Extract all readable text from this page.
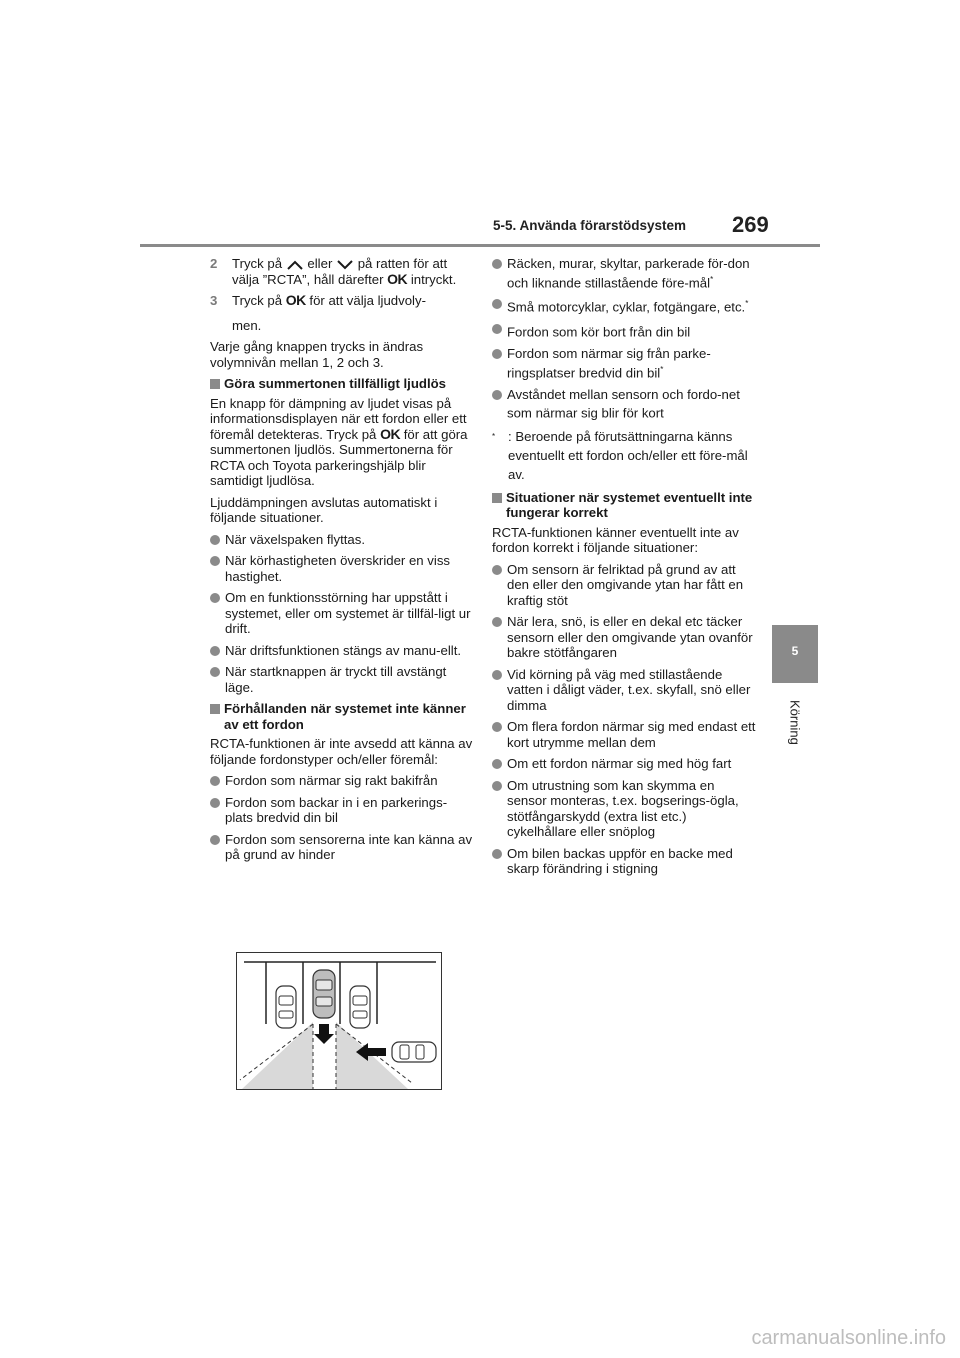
5-5. Använda förarstödsystem 269
5
Körning
2 Tryck på eller på ratten för att välja ”RCTA”, håll därefter OK intryckt.
3 Tryck på OK för att välja ljudvoly-
men.

Varje gång knappen trycks in ändras volymnivån mellan 1, 2 och 3.

Göra summertonen tillfälligt ljudlös

En knapp för dämpning av ljudet visas på informationsdisplayen när ett fordon eller ett föremål detekteras. Tryck på OK för att göra summertonen ljudlös. Summertonerna för RCTA och Toyota parkeringshjälp blir samtidigt ljudlösa.

Ljuddämpningen avslutas automatiskt i följande situationer.

När växelspaken flyttas.
När körhastigheten överskrider en viss hastighet.
Om en funktionsstörning har uppstått i systemet, eller om systemet är tillfäl-ligt ur drift.
När driftsfunktionen stängs av manu-ellt.
När startknappen är tryckt till avstängt läge.
Förhållanden när systemet inte känner av ett fordon

RCTA-funktionen är inte avsedd att känna av följande fordonstyper och/eller föremål:

Fordon som närmar sig rakt bakifrån
Fordon som backar in i en parkerings-plats bredvid din bil
Fordon som sensorerna inte kan känna av på grund av hinder
Räcken, murar, skyltar, parkerade för-don och liknande stillastående före-mål*
Små motorcyklar, cyklar, fotgängare, etc.*
Fordon som kör bort från din bil
Fordon som närmar sig från parke-ringsplatser bredvid din bil*
Avståndet mellan sensorn och fordo-net som närmar sig blir för kort
* : Beroende på förutsättningarna känns eventuellt ett fordon och/eller ett före-mål av.
Situationer när systemet eventuellt inte fungerar korrekt

RCTA-funktionen känner eventuellt inte av fordon korrekt i följande situationer:

Om sensorn är felriktad på grund av att den eller den omgivande ytan har fått en kraftig stöt
När lera, snö, is eller en dekal etc täcker sensorn eller den omgivande ytan ovanför bakre stötfångaren
Vid körning på väg med stillastående vatten i dåligt väder, t.ex. skyfall, snö eller dimma
Om flera fordon närmar sig med endast ett kort utrymme mellan dem
Om ett fordon närmar sig med hög fart
Om utrustning som kan skymma en sensor monteras, t.ex. bogserings-ögla, stötfångarskydd (extra list etc.) cykelhållare eller snöplog
Om bilen backas uppför en backe med skarp förändring i stigning
carmanualsonline.info
